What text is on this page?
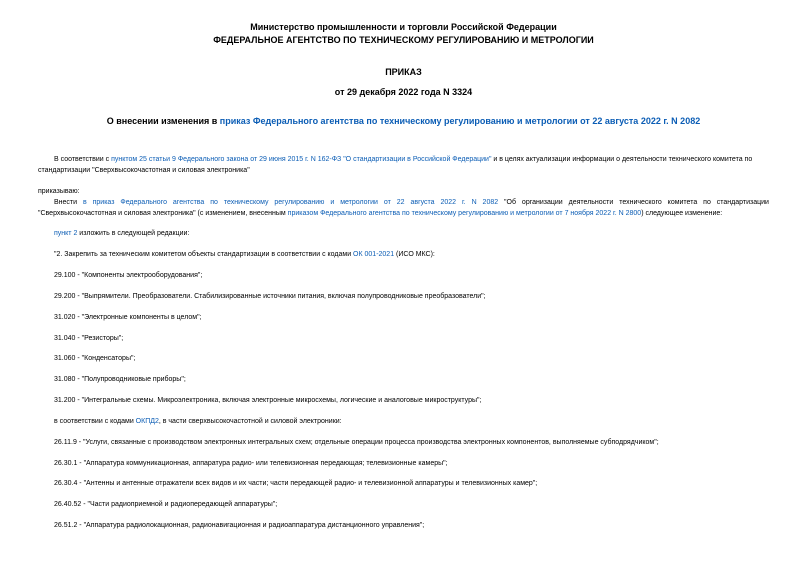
Министерство промышленности и торговли Российской Федерации
ФЕДЕРАЛЬНОЕ АГЕНТСТВО ПО ТЕХНИЧЕСКОМУ РЕГУЛИРОВАНИЮ И МЕТРОЛОГИИ
ПРИКАЗ
от 29 декабря 2022 года N 3324
О внесении изменения в приказ Федерального агентства по техническому регулированию и метрологии от 22 августа 2022 г. N 2082
В соответствии с пунктом 25 статьи 9 Федерального закона от 29 июня 2015 г. N 162-ФЗ "О стандартизации в Российской Федерации" и в целях актуализации информации о деятельности технического комитета по
стандартизации "Сверхвысокочастотная и силовая электроника"
приказываю:
Внести в приказ Федерального агентства по техническому регулированию и метрологии от 22 августа 2022 г. N 2082 "Об организации деятельности технического комитета по стандартизации
"Сверхвысокочастотная и силовая электроника" (с изменением, внесенным приказом Федерального агентства по техническому регулированию и метрологии от 7 ноября 2022 г. N 2800) следующее изменение:
пункт 2 изложить в следующей редакции:
"2. Закрепить за техническим комитетом объекты стандартизации в соответствии с кодами ОК 001-2021 (ИСО МКС):
29.100 - "Компоненты электрооборудования";
29.200 - "Выпрямители. Преобразователи. Стабилизированные источники питания, включая полупроводниковые преобразователи";
31.020 - "Электронные компоненты в целом";
31.040 - "Резисторы";
31.060 - "Конденсаторы";
31.080 - "Полупроводниковые приборы";
31.200 - "Интегральные схемы. Микроэлектроника, включая электронные микросхемы, логические и аналоговые микроструктуры";
в соответствии с кодами ОКПД2, в части сверхвысокочастотной и силовой электроники:
26.11.9 - "Услуги, связанные с производством электронных интегральных схем; отдельные операции процесса производства электронных компонентов, выполняемые субподрядчиком";
26.30.1 - "Аппаратура коммуникационная, аппаратура радио- или телевизионная передающая; телевизионные камеры";
26.30.4 - "Антенны и антенные отражатели всех видов и их части; части передающей радио- и телевизионной аппаратуры и телевизионных камер";
26.40.52 - "Части радиоприемной и радиопередающей аппаратуры";
26.51.2 - "Аппаратура радиолокационная, радионавигационная и радиоаппаратура дистанционного управления";
